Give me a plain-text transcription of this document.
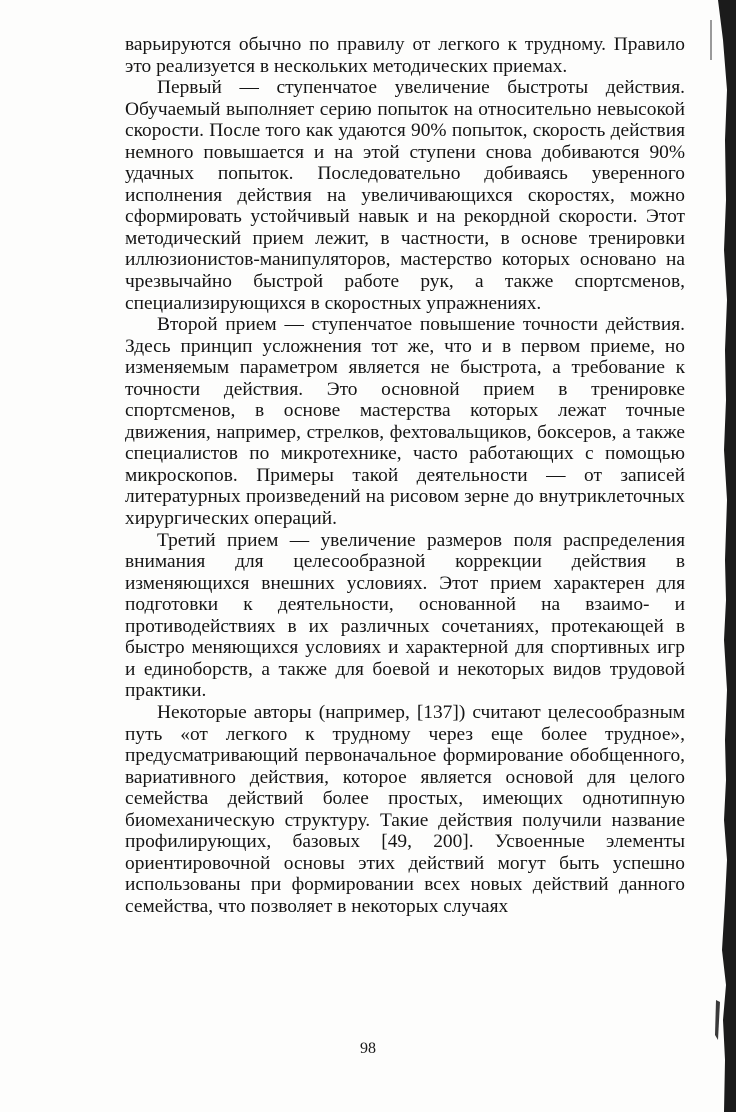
варьируются обычно по правилу от легкого к трудному. Правило это реализуется в нескольких методических приемах.

Первый — ступенчатое увеличение быстроты действия. Обучаемый выполняет серию попыток на относительно невысокой скорости. После того как удаются 90% попыток, скорость действия немного повышается и на этой ступени снова добиваются 90% удачных попыток. Последовательно добиваясь уверенного исполнения действия на увеличивающихся скоростях, можно сформировать устойчивый навык и на рекордной скорости. Этот методический прием лежит, в частности, в основе тренировки иллюзионистов-манипуляторов, мастерство которых основано на чрезвычайно быстрой работе рук, а также спортсменов, специализирующихся в скоростных упражнениях.

Второй прием — ступенчатое повышение точности действия. Здесь принцип усложнения тот же, что и в первом приеме, но изменяемым параметром является не быстрота, а требование к точности действия. Это основной прием в тренировке спортсменов, в основе мастерства которых лежат точные движения, например, стрелков, фехтовальщиков, боксеров, а также специалистов по микротехнике, часто работающих с помощью микроскопов. Примеры такой деятельности — от записей литературных произведений на рисовом зерне до внутриклеточных хирургических операций.

Третий прием — увеличение размеров поля распределения внимания для целесообразной коррекции действия в изменяющихся внешних условиях. Этот прием характерен для подготовки к деятельности, основанной на взаимо- и противодействиях в их различных сочетаниях, протекающей в быстро меняющихся условиях и характерной для спортивных игр и единоборств, а также для боевой и некоторых видов трудовой практики.

Некоторые авторы (например, [137]) считают целесообразным путь «от легкого к трудному через еще более трудное», предусматривающий первоначальное формирование обобщенного, вариативного действия, которое является основой для целого семейства действий более простых, имеющих однотипную биомеханическую структуру. Такие действия получили название профилирующих, базовых [49, 200]. Усвоенные элементы ориентировочной основы этих действий могут быть успешно использованы при формировании всех новых действий данного семейства, что позволяет в некоторых случаях

98
